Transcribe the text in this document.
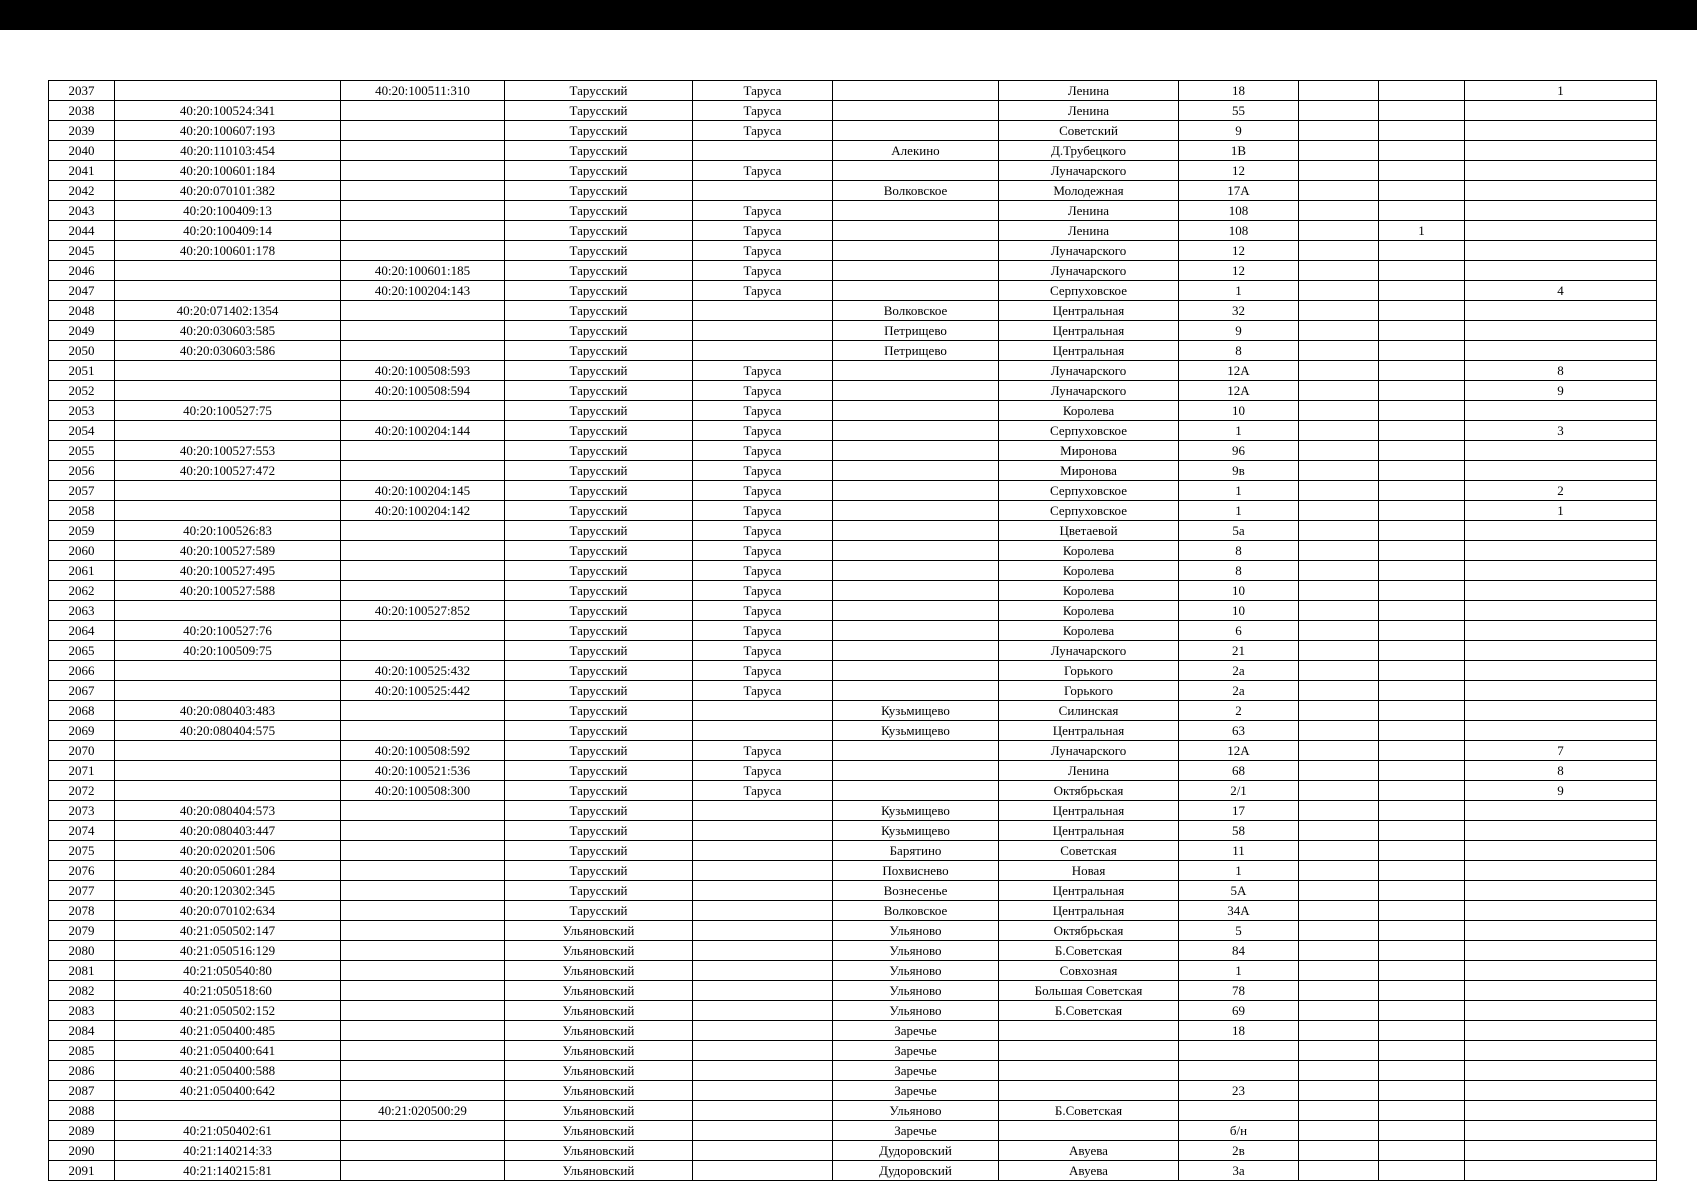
2037		40:20:100511:310	Тарусский	Таруса		Ленина	18			1
2038	40:20:100524:341		Тарусский	Таруса		Ленина	55			
2039	40:20:100607:193		Тарусский	Таруса		Советский	9			
2040	40:20:110103:454		Тарусский		Алекино	Д.Трубецкого	1В			
2041	40:20:100601:184		Тарусский	Таруса		Луначарского	12			
2042	40:20:070101:382		Тарусский		Волковское	Молодежная	17А			
2043	40:20:100409:13		Тарусский	Таруса		Ленина	108			
2044	40:20:100409:14		Тарусский	Таруса		Ленина	108		1	
2045	40:20:100601:178		Тарусский	Таруса		Луначарского	12			
2046		40:20:100601:185	Тарусский	Таруса		Луначарского	12			
2047		40:20:100204:143	Тарусский	Таруса		Серпуховское	1			4
2048	40:20:071402:1354		Тарусский		Волковское	Центральная	32			
2049	40:20:030603:585		Тарусский		Петрищево	Центральная	9			
2050	40:20:030603:586		Тарусский		Петрищево	Центральная	8			
2051		40:20:100508:593	Тарусский	Таруса		Луначарского	12А			8
2052		40:20:100508:594	Тарусский	Таруса		Луначарского	12А			9
2053	40:20:100527:75		Тарусский	Таруса		Королева	10			
2054		40:20:100204:144	Тарусский	Таруса		Серпуховское	1			3
2055	40:20:100527:553		Тарусский	Таруса		Миронова	96			
2056	40:20:100527:472		Тарусский	Таруса		Миронова	9в			
2057		40:20:100204:145	Тарусский	Таруса		Серпуховское	1			2
2058		40:20:100204:142	Тарусский	Таруса		Серпуховское	1			1
2059	40:20:100526:83		Тарусский	Таруса		Цветаевой	5а			
2060	40:20:100527:589		Тарусский	Таруса		Королева	8			
2061	40:20:100527:495		Тарусский	Таруса		Королева	8			
2062	40:20:100527:588		Тарусский	Таруса		Королева	10			
2063		40:20:100527:852	Тарусский	Таруса		Королева	10			
2064	40:20:100527:76		Тарусский	Таруса		Королева	6			
2065	40:20:100509:75		Тарусский	Таруса		Луначарского	21			
2066		40:20:100525:432	Тарусский	Таруса		Горького	2а			
2067		40:20:100525:442	Тарусский	Таруса		Горького	2а			
2068	40:20:080403:483		Тарусский		Кузьмищево	Силинская	2			
2069	40:20:080404:575		Тарусский		Кузьмищево	Центральная	63			
2070		40:20:100508:592	Тарусский	Таруса		Луначарского	12А			7
2071		40:20:100521:536	Тарусский	Таруса		Ленина	68			8
2072		40:20:100508:300	Тарусский	Таруса		Октябрьская	2/1			9
2073	40:20:080404:573		Тарусский		Кузьмищево	Центральная	17			
2074	40:20:080403:447		Тарусский		Кузьмищево	Центральная	58			
2075	40:20:020201:506		Тарусский		Барятино	Советская	11			
2076	40:20:050601:284		Тарусский		Похвиснево	Новая	1			
2077	40:20:120302:345		Тарусский		Вознесенье	Центральная	5А			
2078	40:20:070102:634		Тарусский		Волковское	Центральная	34А			
2079	40:21:050502:147		Ульяновский		Ульяново	Октябрьская	5			
2080	40:21:050516:129		Ульяновский		Ульяново	Б.Советская	84			
2081	40:21:050540:80		Ульяновский		Ульяново	Совхозная	1			
2082	40:21:050518:60		Ульяновский		Ульяново	Большая Советская	78			
2083	40:21:050502:152		Ульяновский		Ульяново	Б.Советская	69			
2084	40:21:050400:485		Ульяновский		Заречье		18			
2085	40:21:050400:641		Ульяновский		Заречье					
2086	40:21:050400:588		Ульяновский		Заречье					
2087	40:21:050400:642		Ульяновский		Заречье		23			
2088		40:21:020500:29	Ульяновский		Ульяново	Б.Советская				
2089	40:21:050402:61		Ульяновский		Заречье		б/н			
2090	40:21:140214:33		Ульяновский		Дудоровский	Авуева	2в			
2091	40:21:140215:81		Ульяновский		Дудоровский	Авуева	3а			
